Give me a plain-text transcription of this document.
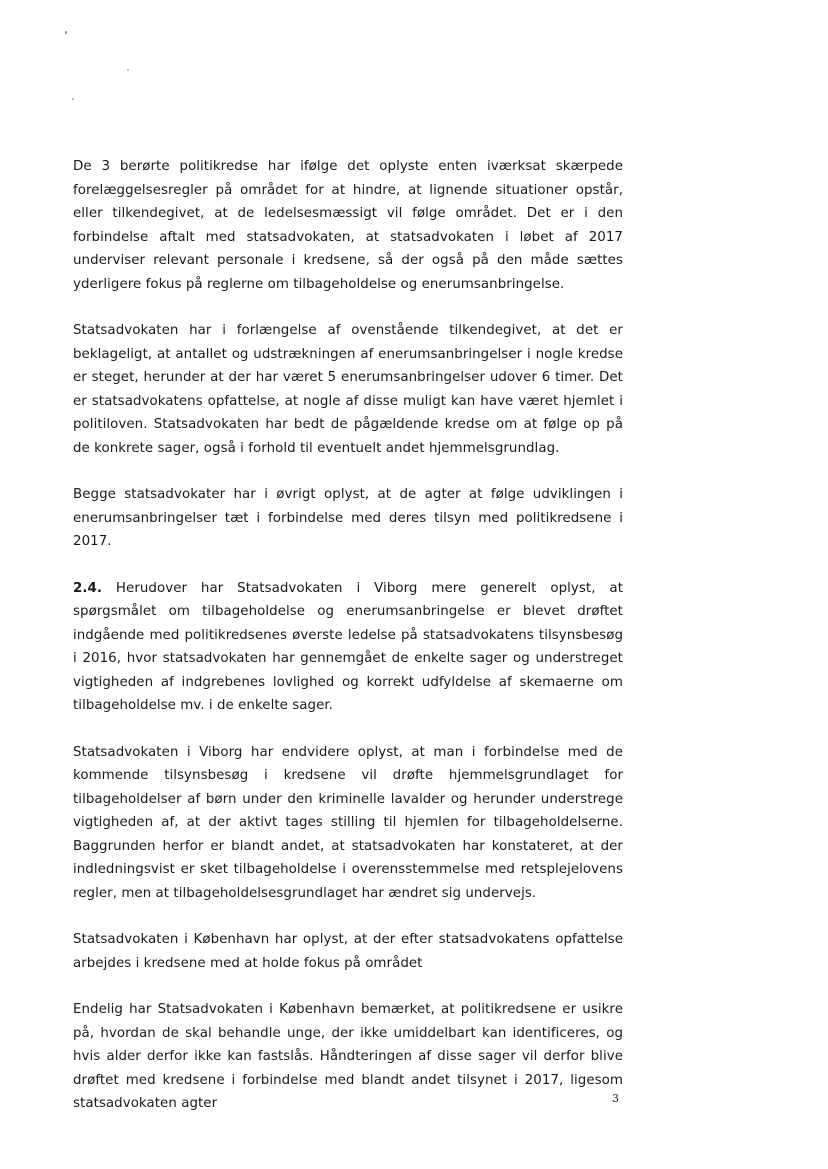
De 3 berørte politikredse har ifølge det oplyste enten iværksat skærpede forelæggelsesregler på området for at hindre, at lignende situationer opstår, eller tilkendegivet, at de ledelsesmæssigt vil følge området. Det er i den forbindelse aftalt med statsadvokaten, at statsadvokaten i løbet af 2017 underviser relevant personale i kredsene, så der også på den måde sættes yderligere fokus på reglerne om tilbageholdelse og enerumsanbringelse.

Statsadvokaten har i forlængelse af ovenstående tilkendegivet, at det er beklageligt, at antallet og udstrækningen af enerumsanbringelser i nogle kredse er steget, herunder at der har været 5 enerumsanbringelser udover 6 timer. Det er statsadvokatens opfattelse, at nogle af disse muligt kan have været hjemlet i politiloven. Statsadvokaten har bedt de pågældende kredse om at følge op på de konkrete sager, også i forhold til eventuelt andet hjemmelsgrundlag.

Begge statsadvokater har i øvrigt oplyst, at de agter at følge udviklingen i enerumsanbringelser tæt i forbindelse med deres tilsyn med politikredsene i 2017.

2.4. Herudover har Statsadvokaten i Viborg mere generelt oplyst, at spørgsmålet om tilbageholdelse og enerumsanbringelse er blevet drøftet indgående med politikredsenes øverste ledelse på statsadvokatens tilsynsbesøg i 2016, hvor statsadvokaten har gennemgået de enkelte sager og understreget vigtigheden af indgrebenes lovlighed og korrekt udfyldelse af skemaerne om tilbageholdelse mv. i de enkelte sager.

Statsadvokaten i Viborg har endvidere oplyst, at man i forbindelse med de kommende tilsynsbesøg i kredsene vil drøfte hjemmelsgrundlaget for tilbageholdelser af børn under den kriminelle lavalder og herunder understrege vigtigheden af, at der aktivt tages stilling til hjemlen for tilbageholdelserne. Baggrunden herfor er blandt andet, at statsadvokaten har konstateret, at der indledningsvist er sket tilbageholdelse i overensstemmelse med retsplejelovens regler, men at tilbageholdelsesgrundlaget har ændret sig undervejs.

Statsadvokaten i København har oplyst, at der efter statsadvokatens opfattelse arbejdes i kredsene med at holde fokus på området

Endelig har Statsadvokaten i København bemærket, at politikredsene er usikre på, hvordan de skal behandle unge, der ikke umiddelbart kan identificeres, og hvis alder derfor ikke kan fastslås. Håndteringen af disse sager vil derfor blive drøftet med kredsene i forbindelse med blandt andet tilsynet i 2017, ligesom statsadvokaten agter	3
